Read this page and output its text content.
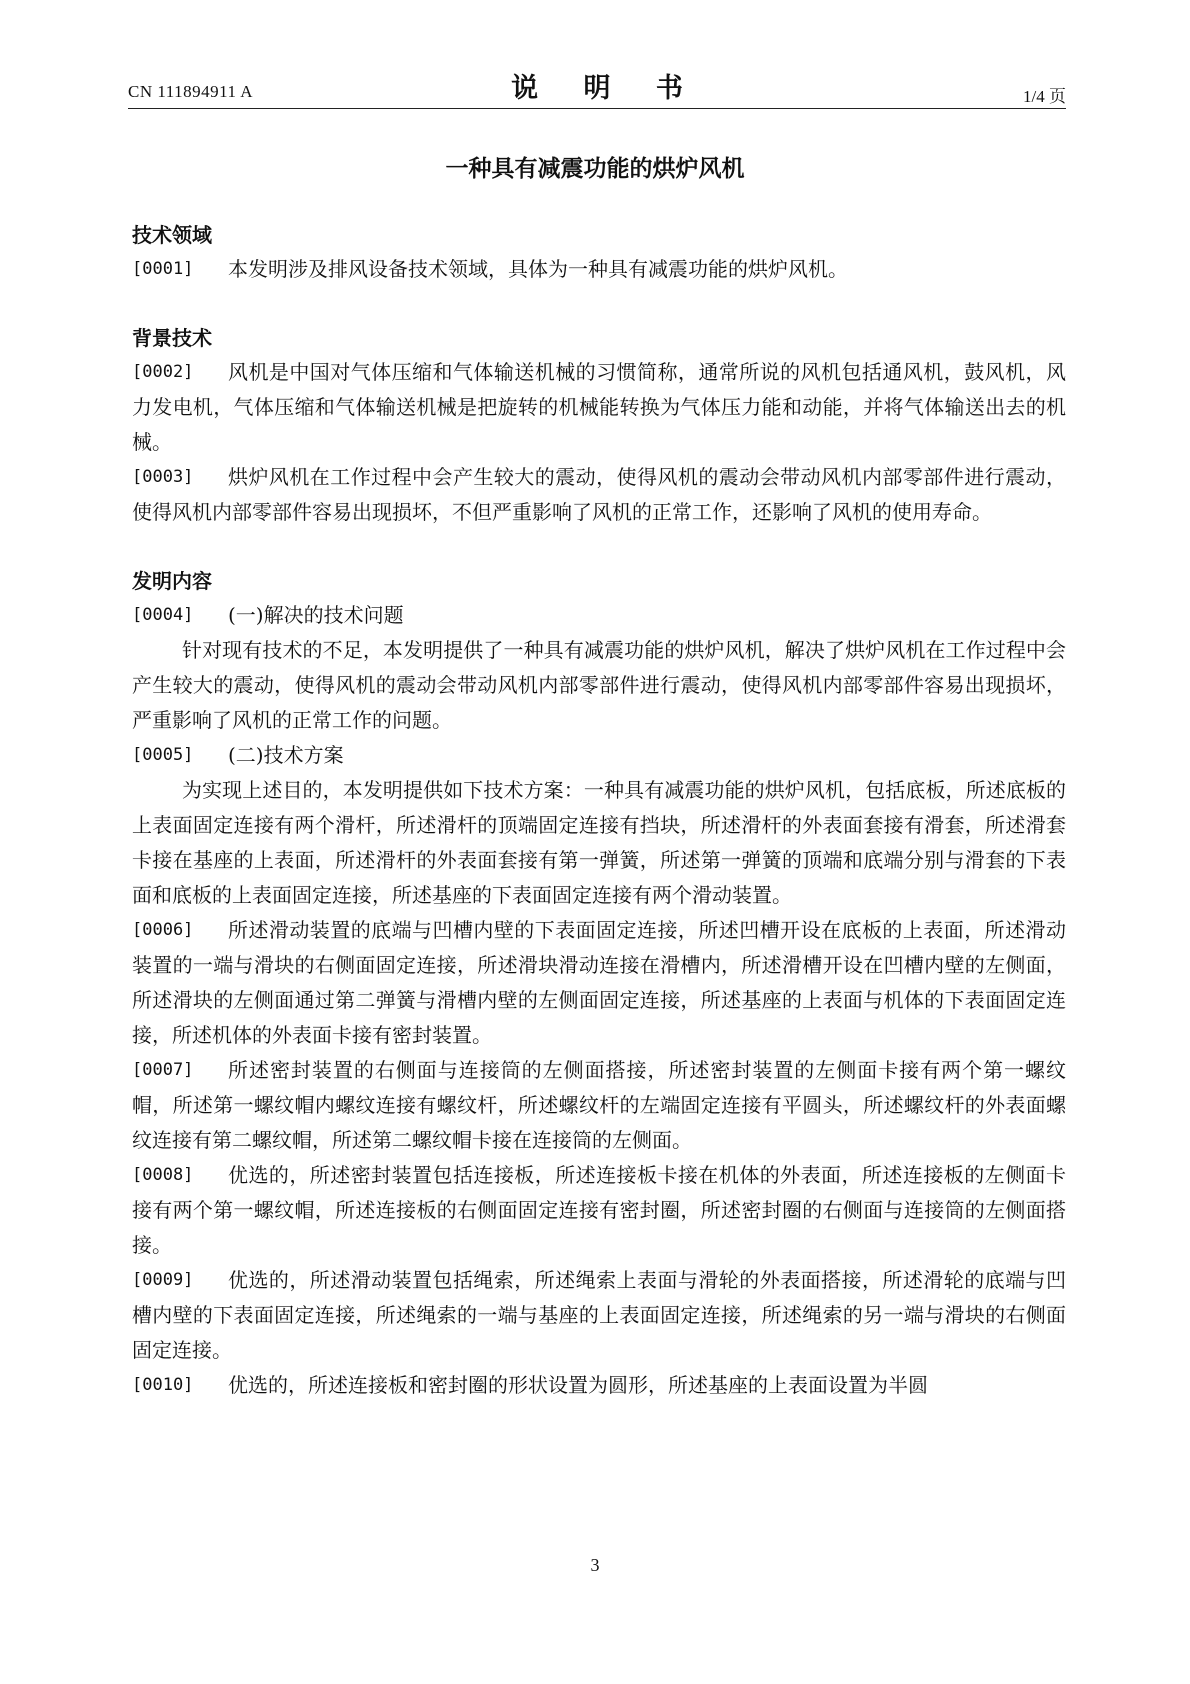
CN 111894911 A	说 明 书	1/4 页
一种具有减震功能的烘炉风机
技术领域
[0001] 本发明涉及排风设备技术领域，具体为一种具有减震功能的烘炉风机。
背景技术
[0002] 风机是中国对气体压缩和气体输送机械的习惯简称，通常所说的风机包括通风机，鼓风机，风力发电机，气体压缩和气体输送机械是把旋转的机械能转换为气体压力能和动能，并将气体输送出去的机械。
[0003] 烘炉风机在工作过程中会产生较大的震动，使得风机的震动会带动风机内部零部件进行震动，使得风机内部零部件容易出现损坏，不但严重影响了风机的正常工作，还影响了风机的使用寿命。
发明内容
[0004] (一)解决的技术问题
针对现有技术的不足，本发明提供了一种具有减震功能的烘炉风机，解决了烘炉风机在工作过程中会产生较大的震动，使得风机的震动会带动风机内部零部件进行震动，使得风机内部零部件容易出现损坏，严重影响了风机的正常工作的问题。
[0005] (二)技术方案
为实现上述目的，本发明提供如下技术方案：一种具有减震功能的烘炉风机，包括底板，所述底板的上表面固定连接有两个滑杆，所述滑杆的顶端固定连接有挡块，所述滑杆的外表面套接有滑套，所述滑套卡接在基座的上表面，所述滑杆的外表面套接有第一弹簧，所述第一弹簧的顶端和底端分别与滑套的下表面和底板的上表面固定连接，所述基座的下表面固定连接有两个滑动装置。
[0006] 所述滑动装置的底端与凹槽内壁的下表面固定连接，所述凹槽开设在底板的上表面，所述滑动装置的一端与滑块的右侧面固定连接，所述滑块滑动连接在滑槽内，所述滑槽开设在凹槽内壁的左侧面，所述滑块的左侧面通过第二弹簧与滑槽内壁的左侧面固定连接，所述基座的上表面与机体的下表面固定连接，所述机体的外表面卡接有密封装置。
[0007] 所述密封装置的右侧面与连接筒的左侧面搭接，所述密封装置的左侧面卡接有两个第一螺纹帽，所述第一螺纹帽内螺纹连接有螺纹杆，所述螺纹杆的左端固定连接有平圆头，所述螺纹杆的外表面螺纹连接有第二螺纹帽，所述第二螺纹帽卡接在连接筒的左侧面。
[0008] 优选的，所述密封装置包括连接板，所述连接板卡接在机体的外表面，所述连接板的左侧面卡接有两个第一螺纹帽，所述连接板的右侧面固定连接有密封圈，所述密封圈的右侧面与连接筒的左侧面搭接。
[0009] 优选的，所述滑动装置包括绳索，所述绳索上表面与滑轮的外表面搭接，所述滑轮的底端与凹槽内壁的下表面固定连接，所述绳索的一端与基座的上表面固定连接，所述绳索的另一端与滑块的右侧面固定连接。
[0010] 优选的，所述连接板和密封圈的形状设置为圆形，所述基座的上表面设置为半圆
3
